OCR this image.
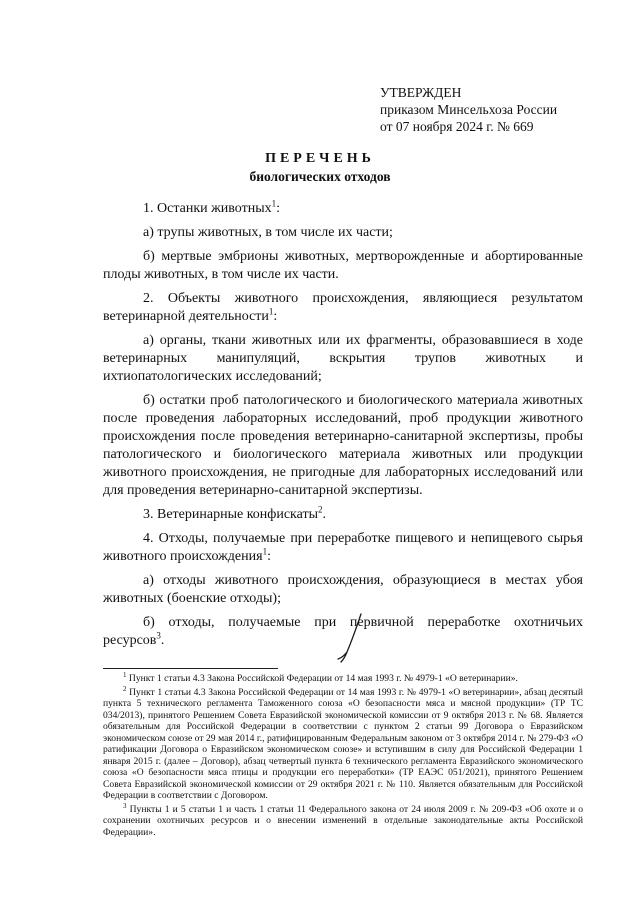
УТВЕРЖДЕН
приказом Минсельхоза России
от 07 ноября 2024 г. № 669
ПЕРЕЧЕНЬ
биологических отходов

1. Останки животных$^1$:

а) трупы животных, в том числе их части;

б) мертвые эмбрионы животных, мертворожденные и абортированные плоды животных, в том числе их части.

2. Объекты животного происхождения, являющиеся результатом ветеринарной деятельности$^1$:

а) органы, ткани животных или их фрагменты, образовавшиеся в ходе ветеринарных манипуляций, вскрытия трупов животных и ихтиопатологических исследований;

б) остатки проб патологического и биологического материала животных после проведения лабораторных исследований, проб продукции животного происхождения после проведения ветеринарно-санитарной экспертизы, пробы патологического и биологического материала животных или продукции животного происхождения, не пригодные для лабораторных исследований или для проведения ветеринарно-санитарной экспертизы.

3. Ветеринарные конфискаты$^2$.

4. Отходы, получаемые при переработке пищевого и непищевого сырья животного происхождения$^1$:

а) отходы животного происхождения, образующиеся в местах убоя животных (боенские отходы);

б) отходы, получаемые при первичной переработке охотничьих ресурсов$^3$.

$^1$ Пункт 1 статьи 4.3 Закона Российской Федерации от 14 мая 1993 г. № 4979-1 «О ветеринарии».

$^2$ Пункт 1 статьи 4.3 Закона Российской Федерации от 14 мая 1993 г. № 4979-1 «О ветеринарии», абзац десятый пункта 5 технического регламента Таможенного союза «О безопасности мяса и мясной продукции» (ТР ТС 034/2013), принятого Решением Совета Евразийской экономической комиссии от 9 октября 2013 г. № 68. Является обязательным для Российской Федерации в соответствии с пунктом 2 статьи 99 Договора о Евразийском экономическом союзе от 29 мая 2014 г., ратифицированным Федеральным законом от 3 октября 2014 г. № 279-ФЗ «О ратификации Договора о Евразийском экономическом союзе» и вступившим в силу для Российской Федерации 1 января 2015 г. (далее – Договор), абзац четвертый пункта 6 технического регламента Евразийского экономического союза «О безопасности мяса птицы и продукции его переработки» (ТР ЕАЭС 051/2021), принятого Решением Совета Евразийской экономической комиссии от 29 октября 2021 г. № 110. Является обязательным для Российской Федерации в соответствии с Договором.

$^3$ Пункты 1 и 5 статьи 1 и часть 1 статьи 11 Федерального закона от 24 июля 2009 г. № 209-ФЗ «Об охоте и о сохранении охотничьих ресурсов и о внесении изменений в отдельные законодательные акты Российской Федерации».
